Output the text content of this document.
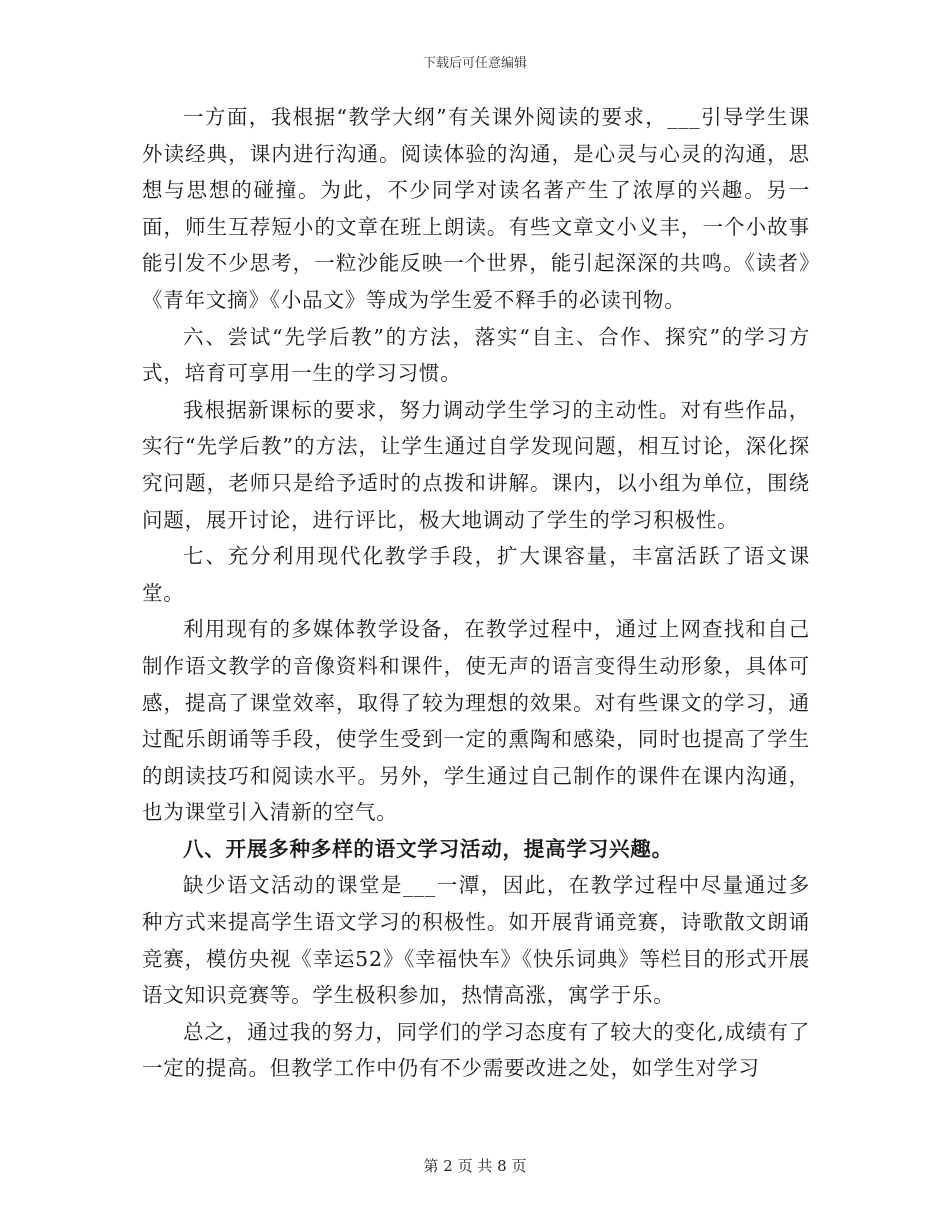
下载后可任意编辑

一方面，我根据“教学大纲”有关课外阅读的要求，___引导学生课外读经典，课内进行沟通。阅读体验的沟通，是心灵与心灵的沟通，思想与思想的碰撞。为此，不少同学对读名著产生了浓厚的兴趣。另一面，师生互荐短小的文章在班上朗读。有些文章文小义丰，一个小故事能引发不少思考，一粒沙能反映一个世界，能引起深深的共鸣。《读者》《青年文摘》《小品文》等成为学生爱不释手的必读刊物。

六、尝试“先学后教”的方法，落实“自主、合作、探究”的学习方式，培育可享用一生的学习习惯。

我根据新课标的要求，努力调动学生学习的主动性。对有些作品，实行“先学后教”的方法，让学生通过自学发现问题，相互讨论，深化探究问题，老师只是给予适时的点拨和讲解。课内，以小组为单位，围绕问题，展开讨论，进行评比，极大地调动了学生的学习积极性。

七、充分利用现代化教学手段，扩大课容量，丰富活跃了语文课堂。

利用现有的多媒体教学设备，在教学过程中，通过上网查找和自己制作语文教学的音像资料和课件，使无声的语言变得生动形象，具体可感，提高了课堂效率，取得了较为理想的效果。对有些课文的学习，通过配乐朗诵等手段，使学生受到一定的熏陶和感染，同时也提高了学生的朗读技巧和阅读水平。另外，学生通过自己制作的课件在课内沟通，也为课堂引入清新的空气。

八、开展多种多样的语文学习活动，提高学习兴趣。

缺少语文活动的课堂是___一潭，因此，在教学过程中尽量通过多种方式来提高学生语文学习的积极性。如开展背诵竞赛，诗歌散文朗诵竞赛，模仿央视《幸运52》《幸福快车》《快乐词典》等栏目的形式开展语文知识竞赛等。学生极积参加，热情高涨，寓学于乐。

总之，通过我的努力，同学们的学习态度有了较大的变化,成绩有了一定的提高。但教学工作中仍有不少需要改进之处，如学生对学习

第 2 页 共 8 页
